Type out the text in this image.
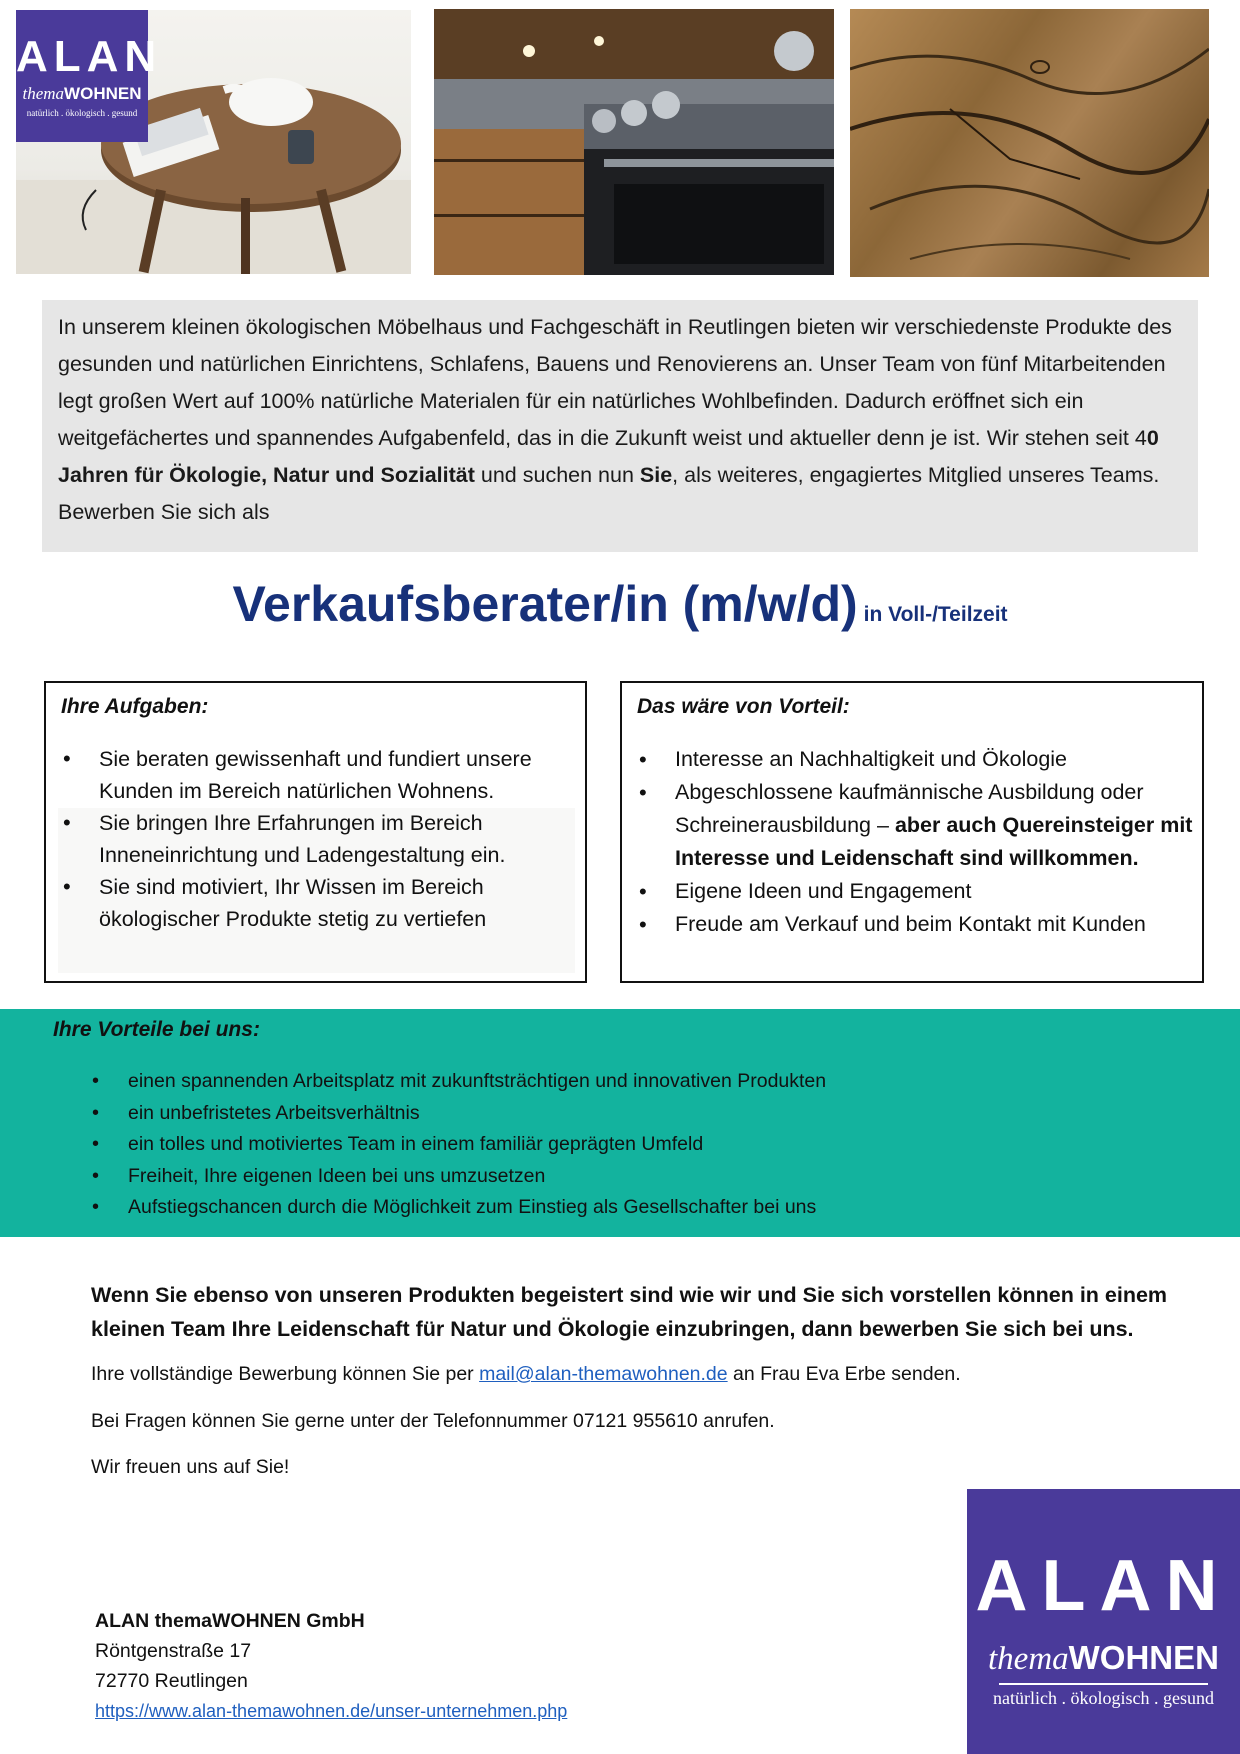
ALAN
themaWOHNEN
natürlich . ökologisch . gesund

In unserem kleinen ökologischen Möbelhaus und Fachgeschäft in Reutlingen bieten wir verschiedenste Produkte des gesunden und natürlichen Einrichtens, Schlafens, Bauens und Renovierens an. Unser Team von fünf Mitarbeitenden legt großen Wert auf 100% natürliche Materialen für ein natürliches Wohlbefinden. Dadurch eröffnet sich ein weitgefächertes und spannendes Aufgabenfeld, das in die Zukunft weist und aktueller denn je ist. Wir stehen seit 40 Jahren für Ökologie, Natur und Sozialität und suchen nun Sie, als weiteres, engagiertes Mitglied unseres Teams. Bewerben Sie sich als

Verkaufsberater/in (m/w/d) in Voll-/Teilzeit
Ihre Aufgaben:
• Sie beraten gewissenhaft und fundiert unsere Kunden im Bereich natürlichen Wohnens.
• Sie bringen Ihre Erfahrungen im Bereich Inneneinrichtung und Ladengestaltung ein.
• Sie sind motiviert, Ihr Wissen im Bereich ökologischer Produkte stetig zu vertiefen
Das wäre von Vorteil:
• Interesse an Nachhaltigkeit und Ökologie
• Abgeschlossene kaufmännische Ausbildung oder Schreinerausbildung – aber auch Quereinsteiger mit Interesse und Leidenschaft sind willkommen.
• Eigene Ideen und Engagement
• Freude am Verkauf und beim Kontakt mit Kunden
Ihre Vorteile bei uns:
• einen spannenden Arbeitsplatz mit zukunftsträchtigen und innovativen Produkten
• ein unbefristetes Arbeitsverhältnis
• ein tolles und motiviertes Team in einem familiär geprägten Umfeld
• Freiheit, Ihre eigenen Ideen bei uns umzusetzen
• Aufstiegschancen durch die Möglichkeit zum Einstieg als Gesellschafter bei uns

Wenn Sie ebenso von unseren Produkten begeistert sind wie wir und Sie sich vorstellen können in einem kleinen Team Ihre Leidenschaft für Natur und Ökologie einzubringen, dann bewerben Sie sich bei uns.

Ihre vollständige Bewerbung können Sie per mail@alan-themawohnen.de an Frau Eva Erbe senden.

Bei Fragen können Sie gerne unter der Telefonnummer 07121 955610 anrufen.

Wir freuen uns auf Sie!

ALAN themaWOHNEN GmbH
Röntgenstraße 17
72770 Reutlingen
https://www.alan-themawohnen.de/unser-unternehmen.php
ALAN
themaWOHNEN
natürlich . ökologisch . gesund
